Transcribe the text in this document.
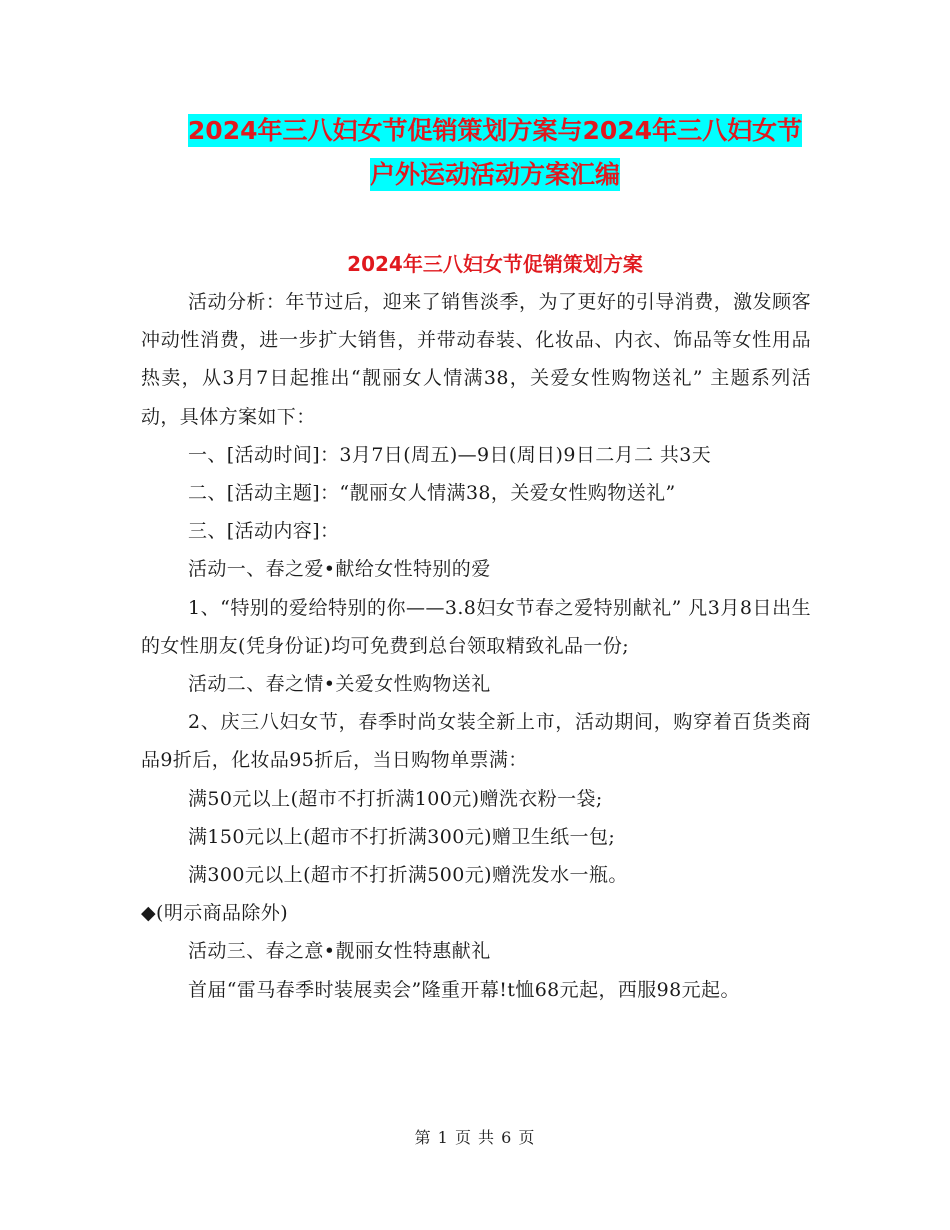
2024年三八妇女节促销策划方案与2024年三八妇女节
户外运动活动方案汇编
2024年三八妇女节促销策划方案

活动分析：年节过后，迎来了销售淡季，为了更好的引导消费，激发顾客冲动性消费，进一步扩大销售，并带动春装、化妆品、内衣、饰品等女性用品热卖，从3月7日起推出“靓丽女人情满38，关爱女性购物送礼” 主题系列活动，具体方案如下：

一、[活动时间]：3月7日(周五)—9日(周日)9日二月二 共3天

二、[活动主题]：“靓丽女人情满38，关爱女性购物送礼”

三、[活动内容]：

活动一、春之爱•献给女性特别的爱

1、“特别的爱给特别的你——3.8妇女节春之爱特别献礼” 凡3月8日出生的女性朋友(凭身份证)均可免费到总台领取精致礼品一份;

活动二、春之情•关爱女性购物送礼

2、庆三八妇女节，春季时尚女装全新上市，活动期间，购穿着百货类商品9折后，化妆品95折后，当日购物单票满：

满50元以上(超市不打折满100元)赠洗衣粉一袋;

满150元以上(超市不打折满300元)赠卫生纸一包;

满300元以上(超市不打折满500元)赠洗发水一瓶。

◆(明示商品除外)

活动三、春之意•靓丽女性特惠献礼

首届“雷马春季时装展卖会”隆重开幕!t恤68元起，西服98元起。

第 1 页 共 6 页
